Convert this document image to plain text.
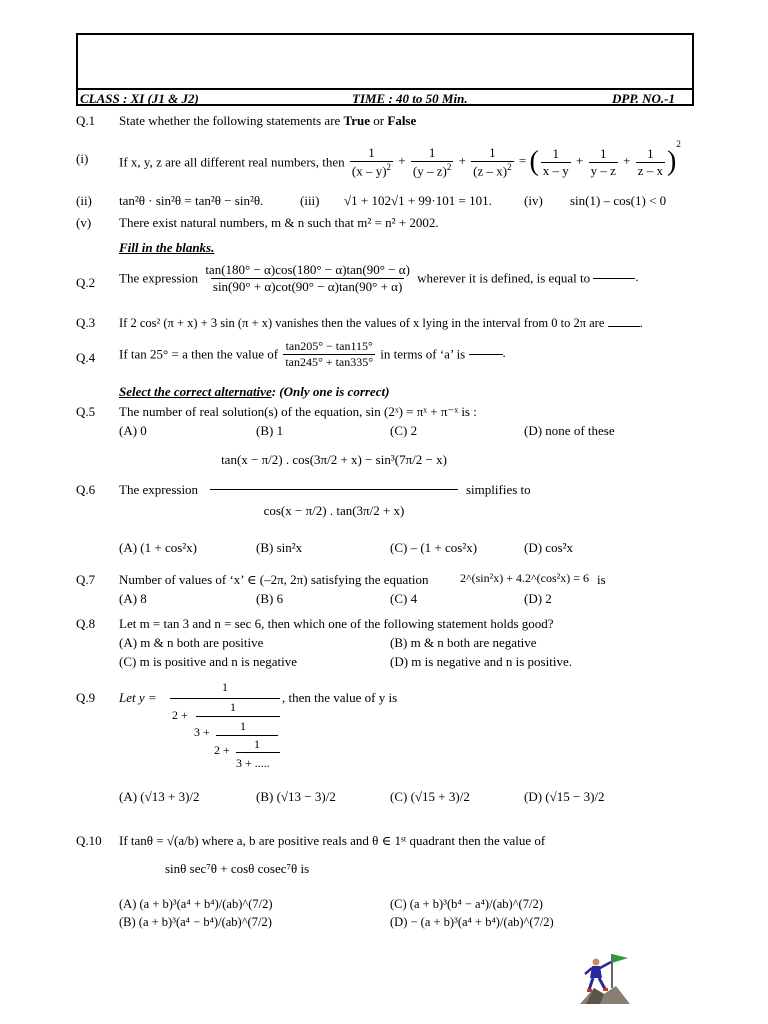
CLASS : XI (J1 & J2)	TIME : 40 to 50 Min.	DPP. NO.-1
Q.1 State whether the following statements are True or False
(i) If x, y, z are all different real numbers, then $\frac{1}{(x - y)^2} + \frac{1}{(y - z)^2} + \frac{1}{(z - x)^2}$ = ( $\frac{1}{x - y} + \frac{1}{y - z} + \frac{1}{z - x} )^2$
(ii) tan²θ · sin²θ = tan²θ − sin²θ.	(iii) √1 + 102√1 + 99·101 = 101. (iv) sin(1) – cos(1) < 0
(v) There exist natural numbers, m & n such that m² = n² + 2002.
Fill in the blanks.
Q.2 The expression $\frac{\tan(180^\circ - \alpha)\cos(180^\circ - \alpha)\tan(90^\circ - \alpha)}{\sin(90^\circ + \alpha)\cot(90^\circ - \alpha)\tan(90^\circ + \alpha)}$ wherever it is defined, is equal to	.
Q.3 If 2 cos² (π + x) + 3 sin (π + x) vanishes then the values of x lying in the interval from 0 to 2π are	.
Q.4 If tan 25° = a then the value of $\frac{\tan 205^\circ - \tan 115^\circ}{\tan 245^\circ + \tan 335^\circ}$ in terms of ‘a’ is	.
Select the correct alternative: (Only one is correct)
Q.5 The number of real solution(s) of the equation, sin (2ˣ) = πˣ + π⁻ˣ is :
(A) 0	(B) 1	(C) 2	(D) none of these
Q.6 The expression
tan(x − π/2) . cos(3π/2 + x) − sin³(7π/2 − x)
cos(x − π/2) . tan(3π/2 + x)
simplifies to
(A) (1 + cos²x)	(B) sin²x	(C) – (1 + cos²x)	(D) cos²x
Q.7 Number of values of ‘x’ ∈ (–2π, 2π) satisfying the equation	2^(sin²x) + 4.2^(cos²x) = 6 is
(A) 8	(B) 6	(C) 4	(D) 2
Q.8 Let m = tan 3 and n = sec 6, then which one of the following statement holds good?
(A) m & n both are positive	(B) m & n both are negative
(C) m is positive and n is negative	(D) m is negative and n is positive.
Q.9 Let y =
1
2 +
1
3 +	1
2 + 1
3 + .....
, then the value of y is
(A) (√13 + 3)/2	(B) (√13 − 3)/2	(C) (√15 + 3)/2	(D) (√15 − 3)/2
Q.10 If tanθ = √(a/b) where a, b are positive reals and θ ∈ 1ˢᵗ quadrant then the value of
sinθ sec⁷θ + cosθ cosec⁷θ is
(A) (a + b)³(a⁴ + b⁴)/(ab)^(7/2)
(B) (a + b)³(a⁴ − b⁴)/(ab)^(7/2)
(C) (a + b)³(b⁴ − a⁴)/(ab)^(7/2)
(D) − (a + b)³(a⁴ + b⁴)/(ab)^(7/2)
